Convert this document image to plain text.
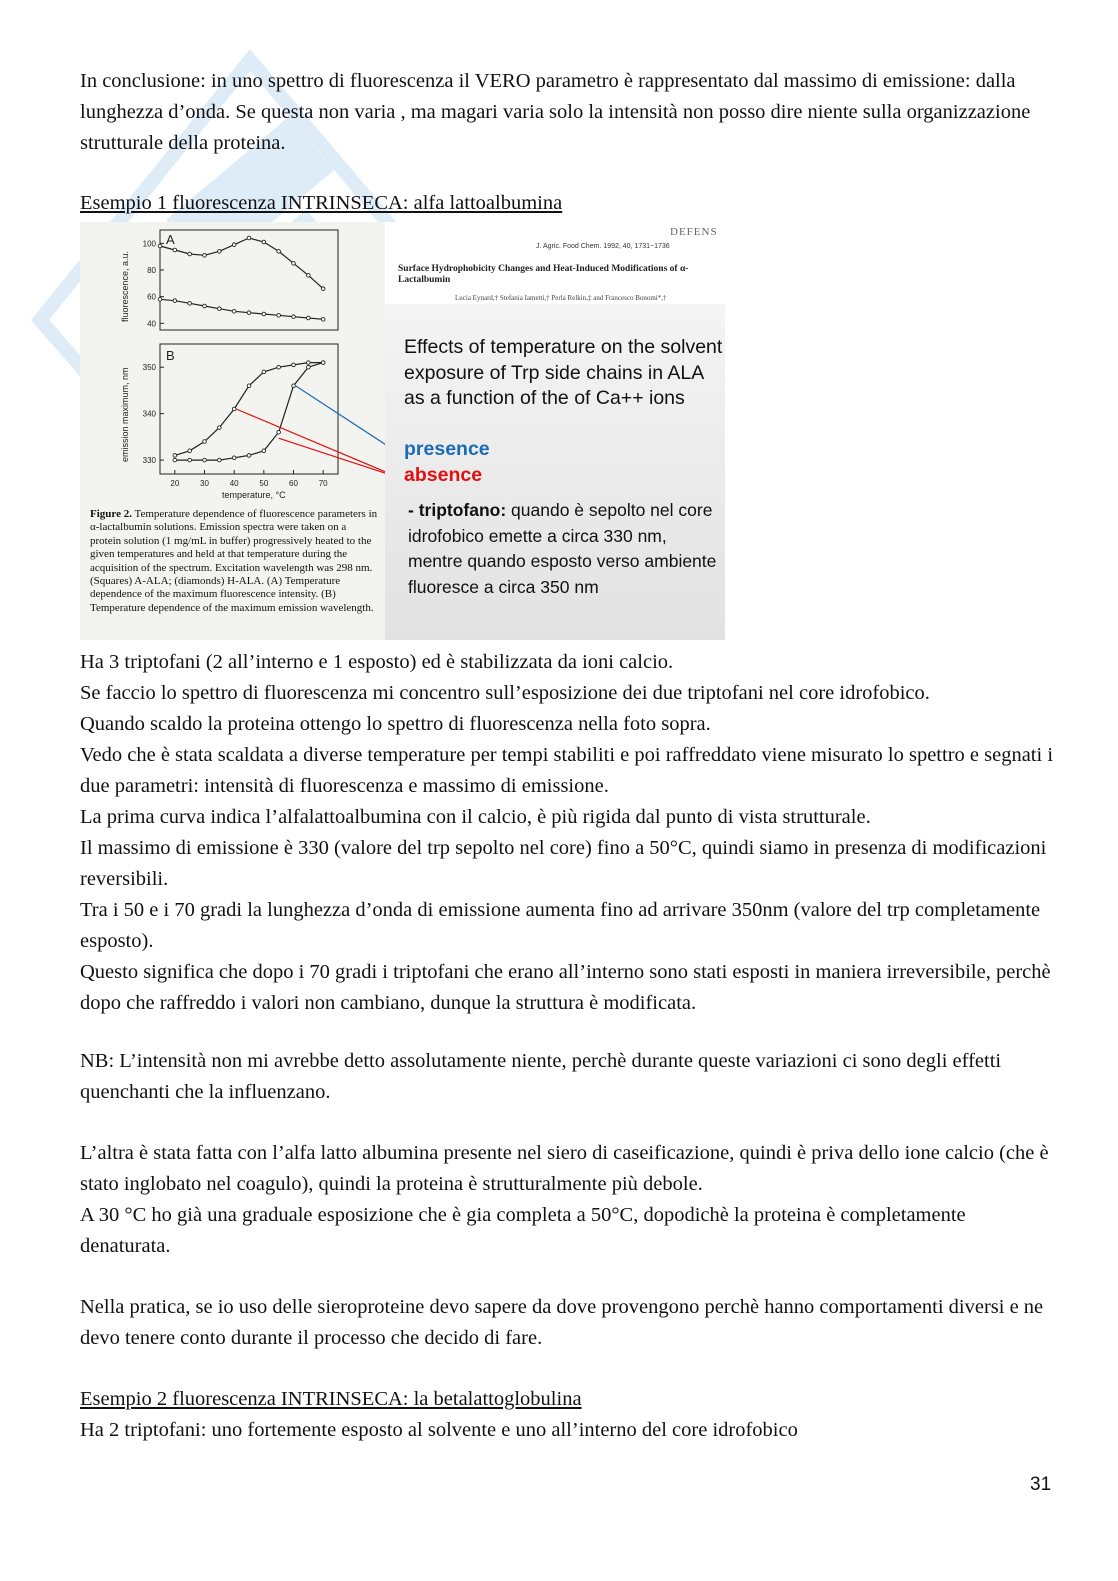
In conclusione: in uno spettro di fluorescenza il VERO parametro è rappresentato dal massimo di emissione: dalla lunghezza d’onda. Se questa non varia , ma magari varia solo la intensità non posso dire niente sulla organizzazione strutturale della proteina.

Esempio 1 fluorescenza INTRINSECA: alfa lattoalbumina
A
B
fluorescence, a.u.
emission maximum, nm
temperature, °C
100
80
60
40
350
340
330
20	30	40	50	60	70
Figure 2. Temperature dependence of fluorescence parameters in α-lactalbumin solutions. Emission spectra were taken on a protein solution (1 mg/mL in buffer) progressively heated to the given temperatures and held at that temperature during the acquisition of the spectrum. Excitation wavelength was 298 nm. (Squares) A-ALA; (diamonds) H-ALA. (A) Temperature dependence of the maximum fluorescence intensity. (B) Temperature dependence of the maximum emission wavelength.
DEFENS
J. Agric. Food Chem. 1992, 40, 1731−1736
Surface Hydrophobicity Changes and Heat-Induced Modifications of α-Lactalbumin
Lucia Eynard,† Stefania Iametti,† Perla Relkin,‡ and Francesco Bonomi*,†
Effects of temperature on the solvent exposure of Trp side chains in ALA as a function of the of Ca++ ions
presence
absence
- triptofano: quando è sepolto nel core idrofobico emette a circa 330 nm, mentre quando esposto verso ambiente fluoresce a circa 350 nm

Ha 3 triptofani (2 all’interno e 1 esposto) ed è stabilizzata da ioni calcio.

Se faccio lo spettro di fluorescenza mi concentro sull’esposizione dei due triptofani nel core idrofobico.

Quando scaldo la proteina ottengo lo spettro di fluorescenza nella foto sopra.

Vedo che è stata scaldata a diverse temperature per tempi stabiliti e poi raffreddato viene misurato lo spettro e segnati i due parametri: intensità di fluorescenza e massimo di emissione.

La prima curva indica l’alfalattoalbumina con il calcio, è più rigida dal punto di vista strutturale.

Il massimo di emissione è 330 (valore del trp sepolto nel core) fino a 50°C, quindi siamo in presenza di modificazioni reversibili.

Tra i 50 e i 70 gradi la lunghezza d’onda di emissione aumenta fino ad arrivare 350nm (valore del trp completamente esposto).

Questo significa che dopo i 70 gradi i triptofani che erano all’interno sono stati esposti in maniera irreversibile, perchè dopo che raffreddo i valori non cambiano, dunque la struttura è modificata.

NB: L’intensità non mi avrebbe detto assolutamente niente, perchè durante queste variazioni ci sono degli effetti quenchanti che la influenzano.

L’altra è stata fatta con l’alfa latto albumina presente nel siero di caseificazione, quindi è priva dello ione calcio (che è stato inglobato nel coagulo), quindi la proteina è strutturalmente più debole.

A 30 °C ho già una graduale esposizione che è gia completa a 50°C, dopodichè la proteina è completamente denaturata.

Nella pratica, se io uso delle sieroproteine devo sapere da dove provengono perchè hanno comportamenti diversi e ne devo tenere conto durante il processo che decido di fare.
Esempio 2 fluorescenza INTRINSECA: la betalattoglobulina
Ha 2 triptofani: uno fortemente esposto al solvente e uno all’interno del core idrofobico
31
